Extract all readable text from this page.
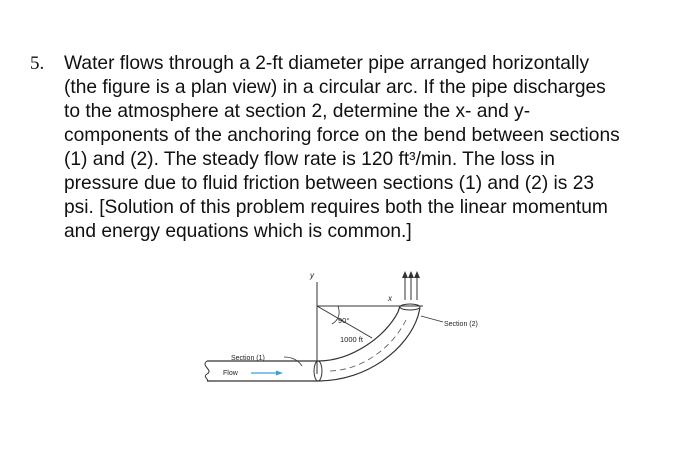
5. Water flows through a 2-ft diameter pipe arranged horizontally
(the figure is a plan view) in a circular arc. If the pipe discharges
to the atmosphere at section 2, determine the x- and y-
components of the anchoring force on the bend between sections
(1) and (2). The steady flow rate is 120 ft³/min. The loss in
pressure due to fluid friction between sections (1) and (2) is 23
psi. [Solution of this problem requires both the linear momentum
and energy equations which is common.]
y
x
90°
1000 ft
Section (2)
Section (1)
Flow
